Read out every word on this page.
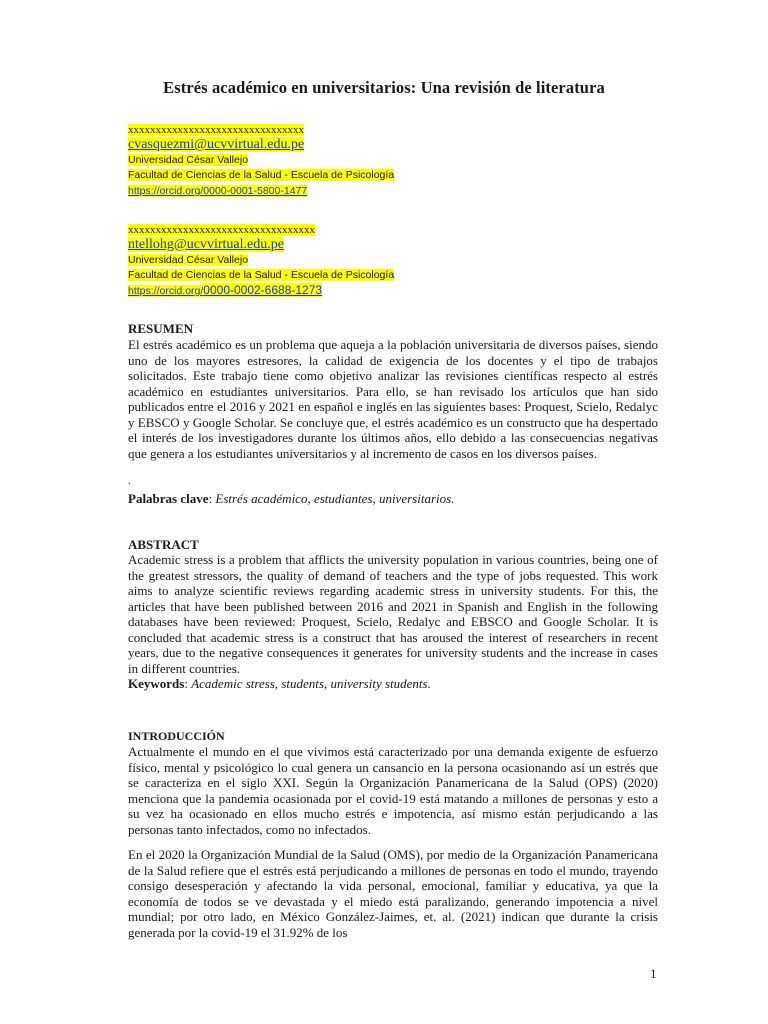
Estrés académico en universitarios: Una revisión de literatura
xxxxxxxxxxxxxxxxxxxxxxxxxxxxxxxx
cvasquezmi@ucvvirtual.edu.pe
Universidad César Vallejo
Facultad de Ciencias de la Salud - Escuela de Psicología
https://orcid.org/0000-0001-5800-1477
xxxxxxxxxxxxxxxxxxxxxxxxxxxxxxxxxx
ntellohg@ucvvirtual.edu.pe
Universidad César Vallejo
Facultad de Ciencias de la Salud - Escuela de Psicología
https://orcid.org/0000-0002-6688-1273
RESUMEN

El estrés académico es un problema que aqueja a la población universitaria de diversos países, siendo uno de los mayores estresores, la calidad de exigencia de los docentes y el tipo de trabajos solicitados. Este trabajo tiene como objetivo analizar las revisiones científicas respecto al estrés académico en estudiantes universitarios. Para ello, se han revisado los artículos que han sido publicados entre el 2016 y 2021 en español e inglés en las siguientes bases: Proquest, Scielo, Redalyc y EBSCO y Google Scholar. Se concluye que, el estrés académico es un constructo que ha despertado el interés de los investigadores durante los últimos años, ello debido a las consecuencias negativas que genera a los estudiantes universitarios y al incremento de casos en los diversos países.

.
Palabras clave: Estrés académico, estudiantes, universitarios.
ABSTRACT

Academic stress is a problem that afflicts the university population in various countries, being one of the greatest stressors, the quality of demand of teachers and the type of jobs requested. This work aims to analyze scientific reviews regarding academic stress in university students. For this, the articles that have been published between 2016 and 2021 in Spanish and English in the following databases have been reviewed: Proquest, Scielo, Redalyc and EBSCO and Google Scholar. It is concluded that academic stress is a construct that has aroused the interest of researchers in recent years, due to the negative consequences it generates for university students and the increase in cases in different countries.

Keywords: Academic stress, students, university students.
INTRODUCCIÓN

Actualmente el mundo en el que vivimos está caracterizado por una demanda exigente de esfuerzo físico, mental y psicológico lo cual genera un cansancio en la persona ocasionando así un estrés que se caracteriza en el siglo XXI. Según la Organización Panamericana de la Salud (OPS) (2020) menciona que la pandemia ocasionada por el covid-19 está matando a millones de personas y esto a su vez ha ocasionado en ellos mucho estrés e impotencia, así mismo están perjudicando a las personas tanto infectados, como no infectados.

En el 2020 la Organización Mundial de la Salud (OMS), por medio de la Organización Panamericana de la Salud refiere que el estrés está perjudicando a millones de personas en todo el mundo, trayendo consigo desesperación y afectando la vida personal, emocional, familiar y educativa, ya que la economía de todos se ve devastada y el miedo está paralizando, generando impotencia a nivel mundial; por otro lado, en México González-Jaimes, et. al. (2021) indican que durante la crisis generada por la covid-19 el 31.92% de los

1
